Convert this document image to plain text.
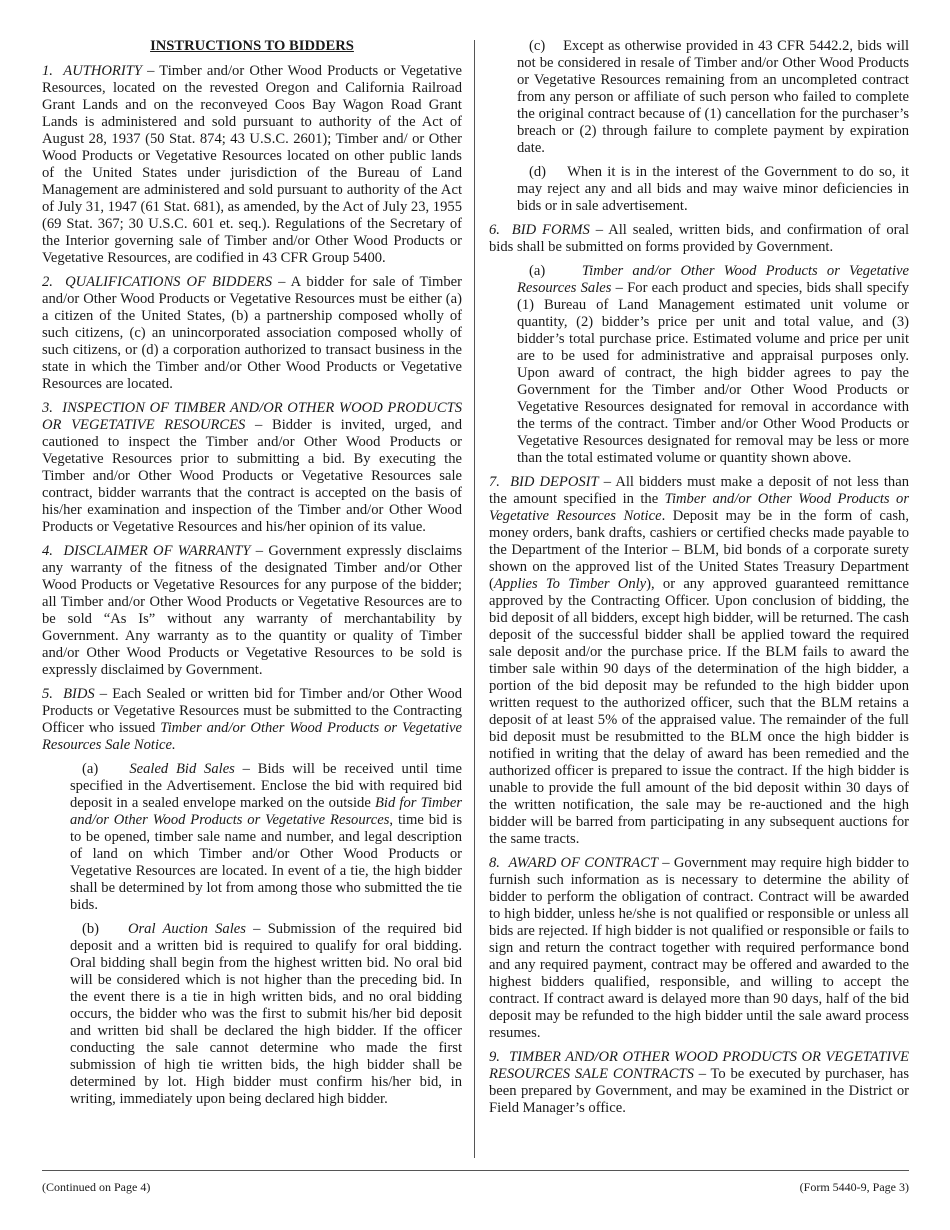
INSTRUCTIONS TO BIDDERS

1. AUTHORITY – Timber and/or Other Wood Products or Vegetative Resources, located on the revested Oregon and California Railroad Grant Lands and on the reconveyed Coos Bay Wagon Road Grant Lands is administered and sold pursuant to authority of the Act of August 28, 1937 (50 Stat. 874; 43 U.S.C. 2601); Timber and/ or Other Wood Products or Vegetative Resources located on other public lands of the United States under jurisdiction of the Bureau of Land Management are administered and sold pursuant to authority of the Act of July 31, 1947 (61 Stat. 681), as amended, by the Act of July 23, 1955 (69 Stat. 367; 30 U.S.C. 601 et. seq.). Regulations of the Secretary of the Interior governing sale of Timber and/or Other Wood Products or Vegetative Resources, are codified in 43 CFR Group 5400.

2. QUALIFICATIONS OF BIDDERS – A bidder for sale of Timber and/or Other Wood Products or Vegetative Resources must be either (a) a citizen of the United States, (b) a partnership composed wholly of such citizens, (c) an unincorporated association composed wholly of such citizens, or (d) a corporation authorized to transact business in the state in which the Timber and/or Other Wood Products or Vegetative Resources are located.

3. INSPECTION OF TIMBER AND/OR OTHER WOOD PRODUCTS OR VEGETATIVE RESOURCES – Bidder is invited, urged, and cautioned to inspect the Timber and/or Other Wood Products or Vegetative Resources prior to submitting a bid. By executing the Timber and/or Other Wood Products or Vegetative Resources sale contract, bidder warrants that the contract is accepted on the basis of his/her examination and inspection of the Timber and/or Other Wood Products or Vegetative Resources and his/her opinion of its value.

4. DISCLAIMER OF WARRANTY – Government expressly disclaims any warranty of the fitness of the designated Timber and/or Other Wood Products or Vegetative Resources for any purpose of the bidder; all Timber and/or Other Wood Products or Vegetative Resources are to be sold “As Is” without any warranty of merchantability by Government. Any warranty as to the quantity or quality of Timber and/or Other Wood Products or Vegetative Resources to be sold is expressly disclaimed by Government.

5. BIDS – Each Sealed or written bid for Timber and/or Other Wood Products or Vegetative Resources must be submitted to the Contracting Officer who issued Timber and/or Other Wood Products or Vegetative Resources Sale Notice.

(a) Sealed Bid Sales – Bids will be received until time specified in the Advertisement. Enclose the bid with required bid deposit in a sealed envelope marked on the outside Bid for Timber and/or Other Wood Products or Vegetative Resources, time bid is to be opened, timber sale name and number, and legal description of land on which Timber and/or Other Wood Products or Vegetative Resources are located. In event of a tie, the high bidder shall be determined by lot from among those who submitted the tie bids.

(b) Oral Auction Sales – Submission of the required bid deposit and a written bid is required to qualify for oral bidding. Oral bidding shall begin from the highest written bid. No oral bid will be considered which is not higher than the preceding bid. In the event there is a tie in high written bids, and no oral bidding occurs, the bidder who was the first to submit his/her bid deposit and written bid shall be declared the high bidder. If the officer conducting the sale cannot determine who made the first submission of high tie written bids, the high bidder shall be determined by lot. High bidder must confirm his/her bid, in writing, immediately upon being declared high bidder.

(c) Except as otherwise provided in 43 CFR 5442.2, bids will not be considered in resale of Timber and/or Other Wood Products or Vegetative Resources remaining from an uncompleted contract from any person or affiliate of such person who failed to complete the original contract because of (1) cancellation for the purchaser’s breach or (2) through failure to complete payment by expiration date.

(d) When it is in the interest of the Government to do so, it may reject any and all bids and may waive minor deficiencies in bids or in sale advertisement.

6. BID FORMS – All sealed, written bids, and confirmation of oral bids shall be submitted on forms provided by Government.

(a)	Timber and/or Other Wood Products or Vegetative Resources Sales – For each product and species, bids shall specify (1) Bureau of Land Management estimated unit volume or quantity, (2) bidder’s price per unit and total value, and (3) bidder’s total purchase price. Estimated volume and price per unit are to be used for administrative and appraisal purposes only. Upon award of contract, the high bidder agrees to pay the Government for the Timber and/or Other Wood Products or Vegetative Resources designated for removal in accordance with the terms of the contract. Timber and/or Other Wood Products or Vegetative Resources designated for removal may be less or more than the total estimated volume or quantity shown above.

7. BID DEPOSIT – All bidders must make a deposit of not less than the amount specified in the Timber and/or Other Wood Products or Vegetative Resources Notice. Deposit may be in the form of cash, money orders, bank drafts, cashiers or certified checks made payable to the Department of the Interior – BLM, bid bonds of a corporate surety shown on the approved list of the United States Treasury Department (Applies To Timber Only), or any approved guaranteed remittance approved by the Contracting Officer. Upon conclusion of bidding, the bid deposit of all bidders, except high bidder, will be returned. The cash deposit of the successful bidder shall be applied toward the required sale deposit and/or the purchase price. If the BLM fails to award the timber sale within 90 days of the determination of the high bidder, a portion of the bid deposit may be refunded to the high bidder upon written request to the authorized officer, such that the BLM retains a deposit of at least 5% of the appraised value. The remainder of the full bid deposit must be resubmitted to the BLM once the high bidder is notified in writing that the delay of award has been remedied and the authorized officer is prepared to issue the contract. If the high bidder is unable to provide the full amount of the bid deposit within 30 days of the written notification, the sale may be re-auctioned and the high bidder will be barred from participating in any subsequent auctions for the same tracts.

8. AWARD OF CONTRACT – Government may require high bidder to furnish such information as is necessary to determine the ability of bidder to perform the obligation of contract. Contract will be awarded to high bidder, unless he/she is not qualified or responsible or unless all bids are rejected. If high bidder is not qualified or responsible or fails to sign and return the contract together with required performance bond and any required payment, contract may be offered and awarded to the highest bidders qualified, responsible, and willing to accept the contract. If contract award is delayed more than 90 days, half of the bid deposit may be refunded to the high bidder until the sale award process resumes.

9. TIMBER AND/OR OTHER WOOD PRODUCTS OR VEGETATIVE RESOURCES SALE CONTRACTS – To be executed by purchaser, has been prepared by Government, and may be examined in the District or Field Manager’s office.

(Continued on Page 4)	(Form 5440-9, Page 3)
